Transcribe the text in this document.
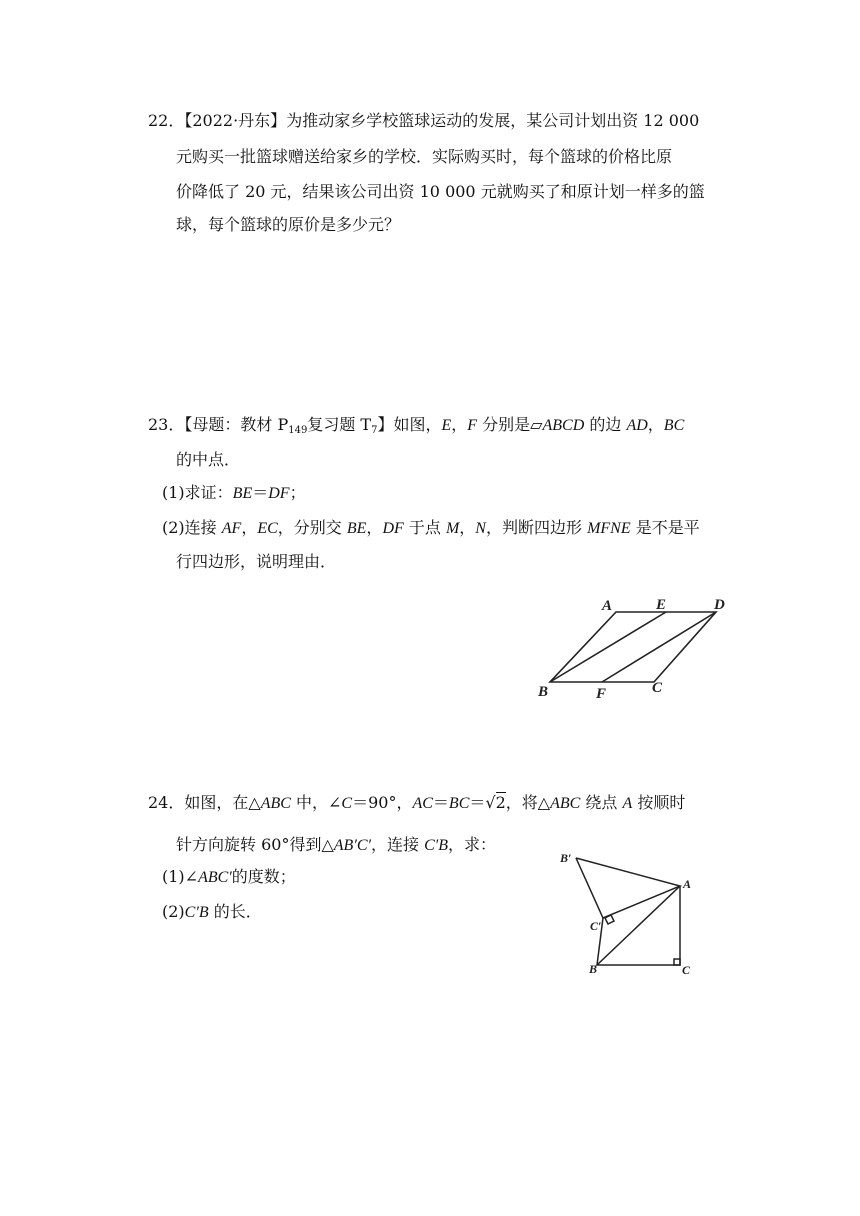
22．【2022·丹东】为推动家乡学校篮球运动的发展，某公司计划出资 12 000
元购买一批篮球赠送给家乡的学校．实际购买时，每个篮球的价格比原
价降低了 20 元，结果该公司出资 10 000 元就购买了和原计划一样多的篮
球，每个篮球的原价是多少元？
23．【母题：教材 $P_{149}$复习题 $T_7$】如图，E，F 分别是▱ABCD 的边 AD，BC
的中点．
(1)求证：BE＝DF；
(2)连接 AF，EC，分别交 BE，DF 于点 M，N，判断四边形 MFNE 是不是平
行四边形，说明理由．
A	E	D
B	F	C
24．如图，在△ABC 中，∠C＝90°，AC＝BC＝√2，将△ABC 绕点 A 按顺时
针方向旋转 60°得到△AB′C′，连接 C′B，求：
(1)∠ABC′的度数；
(2)C′B 的长．
B′
A
C′
B	C
